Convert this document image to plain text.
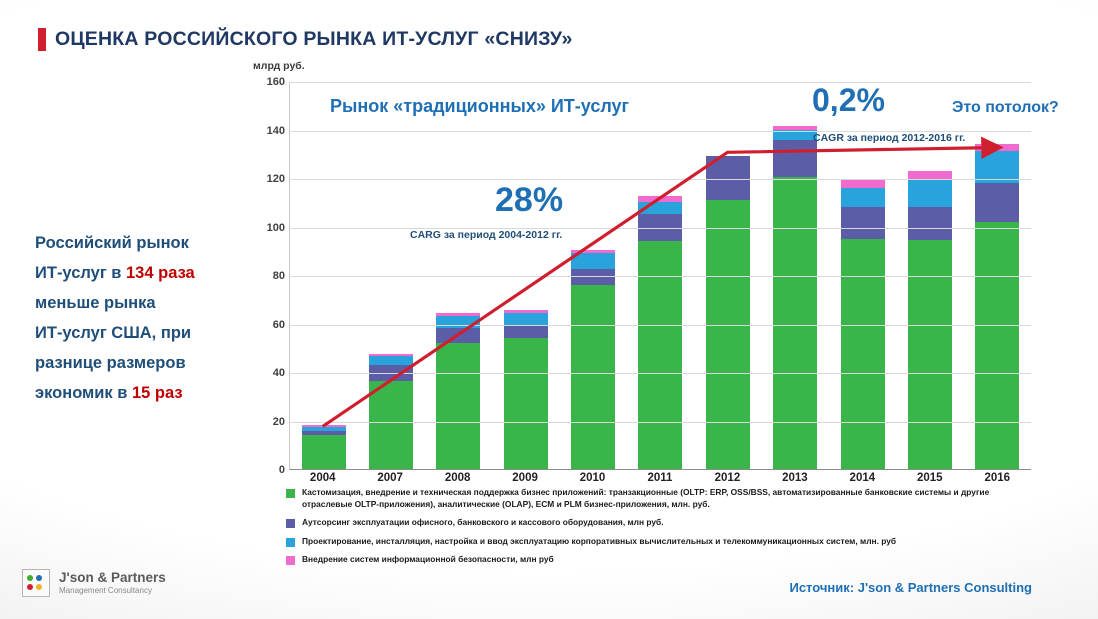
ОЦЕНКА РОССИЙСКОГО РЫНКА ИТ-УСЛУГ «СНИЗУ»
Российский рынок
ИТ-услуг в 134 раза
меньше рынка
ИТ-услуг США, при
разнице размеров
экономик в 15 раз
млрд руб.
0
20
40
60
80
100
120
140
160
2004	2007	2008	2009	2010	2011	2012	2013	2014	2015	2016
Рынок «традиционных» ИТ-услуг
28%
CARG за период 2004-2012 гг.
0,2%
CAGR за период 2012-2016 гг.
Это потолок?
Кастомизация, внедрение и техническая поддержка бизнес приложений: транзакционные (OLTP: ERP, OSS/BSS, автоматизированные банковские системы и другие отраслевые OLTP-приложения), аналитические (OLAP), ECM и PLM бизнес-приложения, млн. руб.
Аутсорсинг эксплуатации офисного, банковского и кассового оборудования, млн руб.
Проектирование, инсталляция, настройка и ввод эксплуатацию корпоративных вычислительных и телекоммуникационных систем, млн. руб
Внедрение систем информационной безопасности, млн руб
Источник: J'son & Partners Consulting
J'son & Partners
Management Consultancy
